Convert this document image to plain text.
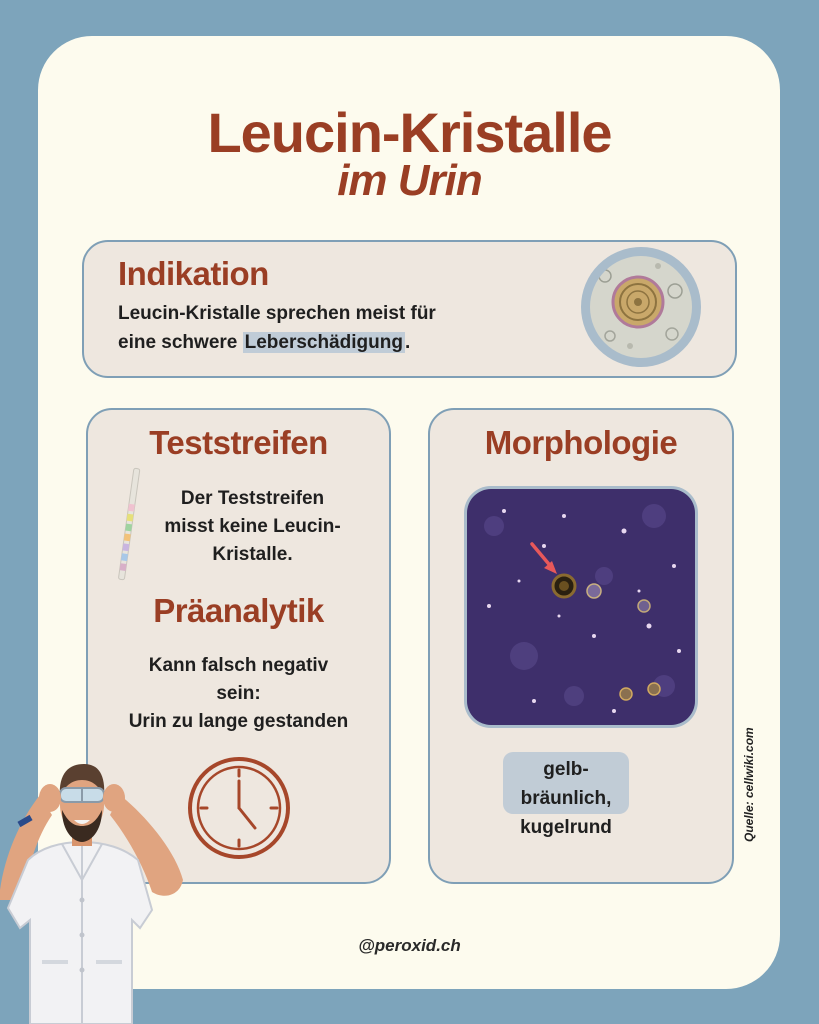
Leucin-Kristalle
im Urin
Indikation
Leucin-Kristalle sprechen meist für
eine schwere Leberschädigung .
Teststreifen
Der Teststreifen
misst keine Leucin-
Kristalle.
Präanalytik
Kann falsch negativ
sein:
Urin zu lange gestanden
Morphologie
gelb-bräunlich,
kugelrund	Quelle: cellwiki.com
@peroxid.ch
